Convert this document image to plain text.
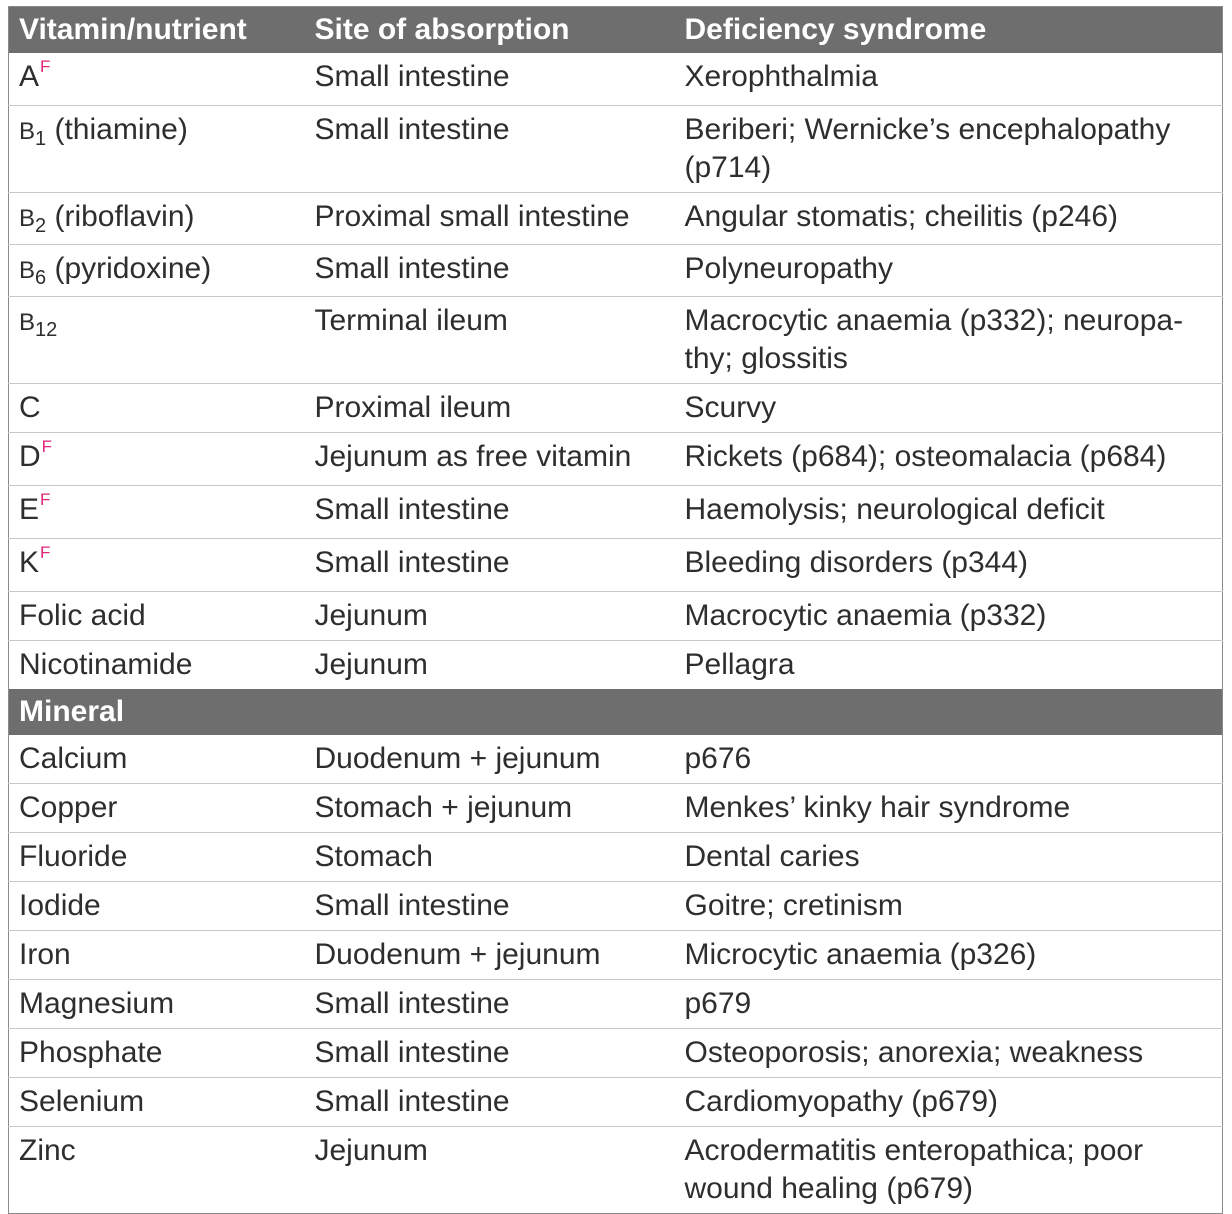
Vitamin/nutrient	Site of absorption	Deficiency syndrome
$A^F$	Small intestine	Xerophthalmia
$B_1$ (thiamine)	Small intestine	Beriberi; Wernicke’s encephalopathy (p714)
$B_2$ (riboflavin)	Proximal small intestine	Angular stomatis; cheilitis (p246)
$B_6$ (pyridoxine)	Small intestine	Polyneuropathy
$B_{12}$	Terminal ileum	Macrocytic anaemia (p332); neuropa-thy; glossitis
C	Proximal ileum	Scurvy
$D^F$	Jejunum as free vitamin	Rickets (p684); osteomalacia (p684)
$E^F$	Small intestine	Haemolysis; neurological deficit
$K^F$	Small intestine	Bleeding disorders (p344)
Folic acid	Jejunum	Macrocytic anaemia (p332)
Nicotinamide	Jejunum	Pellagra
Mineral		
Calcium	Duodenum + jejunum	p676
Copper	Stomach + jejunum	Menkes’ kinky hair syndrome
Fluoride	Stomach	Dental caries
Iodide	Small intestine	Goitre; cretinism
Iron	Duodenum + jejunum	Microcytic anaemia (p326)
Magnesium	Small intestine	p679
Phosphate	Small intestine	Osteoporosis; anorexia; weakness
Selenium	Small intestine	Cardiomyopathy (p679)
Zinc	Jejunum	Acrodermatitis enteropathica; poor wound healing (p679)
